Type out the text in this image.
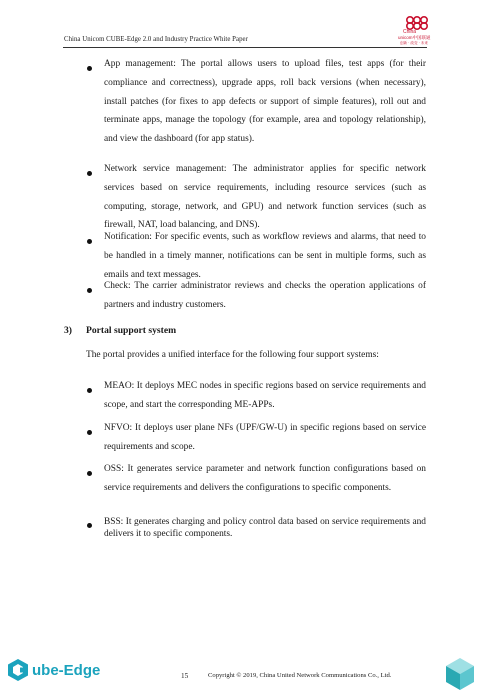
China Unicom CUBE-Edge 2.0 and Industry Practice White Paper
China
unicom中国联通
创新 · 改变 · 未来
App management: The portal allows users to upload files, test apps (for their compliance and correctness), upgrade apps, roll back versions (when necessary), install patches (for fixes to app defects or support of simple features), roll out and terminate apps, manage the topology (for example, area and topology relationship), and view the dashboard (for app status).
Network service management: The administrator applies for specific network services based on service requirements, including resource services (such as computing, storage, network, and GPU) and network function services (such as firewall, NAT, load balancing, and DNS).
Notification: For specific events, such as workflow reviews and alarms, that need to be handled in a timely manner, notifications can be sent in multiple forms, such as emails and text messages.
Check: The carrier administrator reviews and checks the operation applications of partners and industry customers.
3) Portal support system
The portal provides a unified interface for the following four support systems:
MEAO: It deploys MEC nodes in specific regions based on service requirements and scope, and start the corresponding ME-APPs.
NFVO: It deploys user plane NFs (UPF/GW-U) in specific regions based on service requirements and scope.
OSS: It generates service parameter and network function configurations based on service requirements and delivers the configurations to specific components.
BSS: It generates charging and policy control data based on service requirements and delivers it to specific components.
ube-Edge	15	Copyright © 2019, China United Network Communications Co., Ltd.
